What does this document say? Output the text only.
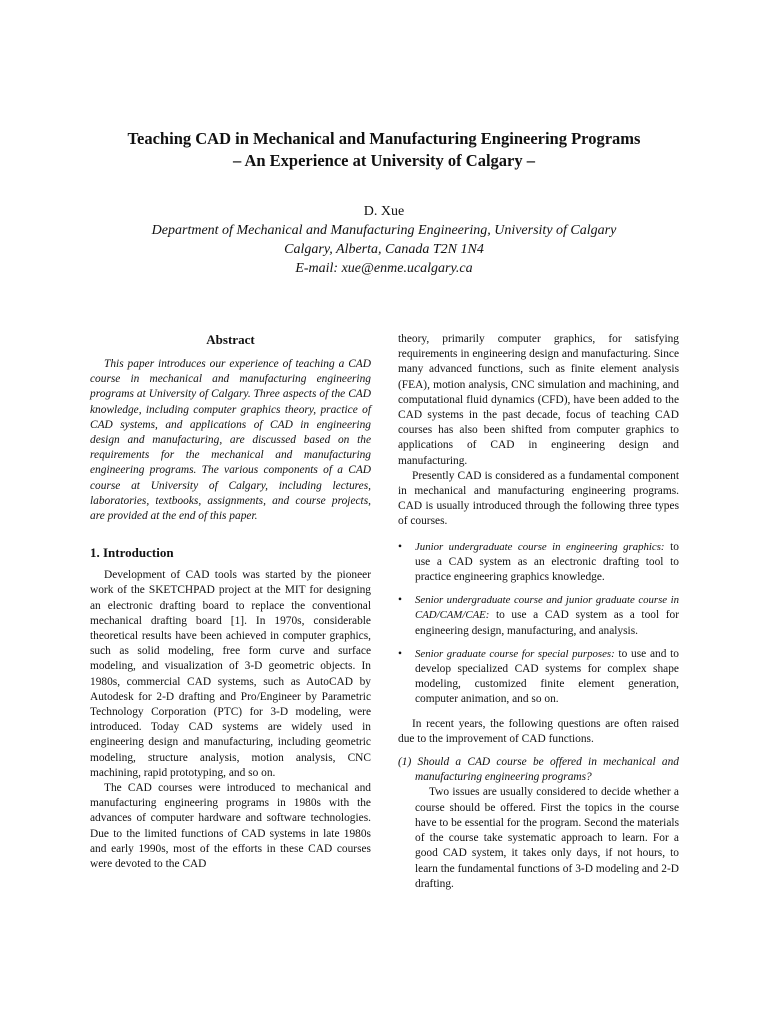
Teaching CAD in Mechanical and Manufacturing Engineering Programs

– An Experience at University of Calgary –

D. Xue

Department of Mechanical and Manufacturing Engineering, University of Calgary

Calgary, Alberta, Canada T2N 1N4

E-mail: xue@enme.ucalgary.ca

Abstract

This paper introduces our experience of teaching a CAD course in mechanical and manufacturing engineering programs at University of Calgary. Three aspects of the CAD knowledge, including computer graphics theory, practice of CAD systems, and applications of CAD in engineering design and manufacturing, are discussed based on the requirements for the mechanical and manufacturing engineering programs. The various components of a CAD course at University of Calgary, including lectures, laboratories, textbooks, assignments, and course projects, are provided at the end of this paper.

1. Introduction

Development of CAD tools was started by the pioneer work of the SKETCHPAD project at the MIT for designing an electronic drafting board to replace the conventional mechanical drafting board [1]. In 1970s, considerable theoretical results have been achieved in computer graphics, such as solid modeling, free form curve and surface modeling, and visualization of 3-D geometric objects. In 1980s, commercial CAD systems, such as AutoCAD by Autodesk for 2-D drafting and Pro/Engineer by Parametric Technology Corporation (PTC) for 3-D modeling, were introduced. Today CAD systems are widely used in engineering design and manufacturing, including geometric modeling, structure analysis, motion analysis, CNC machining, rapid prototyping, and so on.

The CAD courses were introduced to mechanical and manufacturing engineering programs in 1980s with the advances of computer hardware and software technologies. Due to the limited functions of CAD systems in late 1980s and early 1990s, most of the efforts in these CAD courses were devoted to the CAD

theory, primarily computer graphics, for satisfying requirements in engineering design and manufacturing. Since many advanced functions, such as finite element analysis (FEA), motion analysis, CNC simulation and machining, and computational fluid dynamics (CFD), have been added to the CAD systems in the past decade, focus of teaching CAD courses has also been shifted from computer graphics to applications of CAD in engineering design and manufacturing.

Presently CAD is considered as a fundamental component in mechanical and manufacturing engineering programs. CAD is usually introduced through the following three types of courses.

• Junior undergraduate course in engineering graphics: to use a CAD system as an electronic drafting tool to practice engineering graphics knowledge.
• Senior undergraduate course and junior graduate course in CAD/CAM/CAE: to use a CAD system as a tool for engineering design, manufacturing, and analysis.
• Senior graduate course for special purposes: to use and to develop specialized CAD systems for complex shape modeling, customized finite element generation, computer animation, and so on.

In recent years, the following questions are often raised due to the improvement of CAD functions.

(1) Should a CAD course be offered in mechanical and manufacturing engineering programs?

Two issues are usually considered to decide whether a course should be offered. First the topics in the course have to be essential for the program. Second the materials of the course take systematic approach to learn. For a good CAD system, it takes only days, if not hours, to learn the fundamental functions of 3-D modeling and 2-D drafting.
